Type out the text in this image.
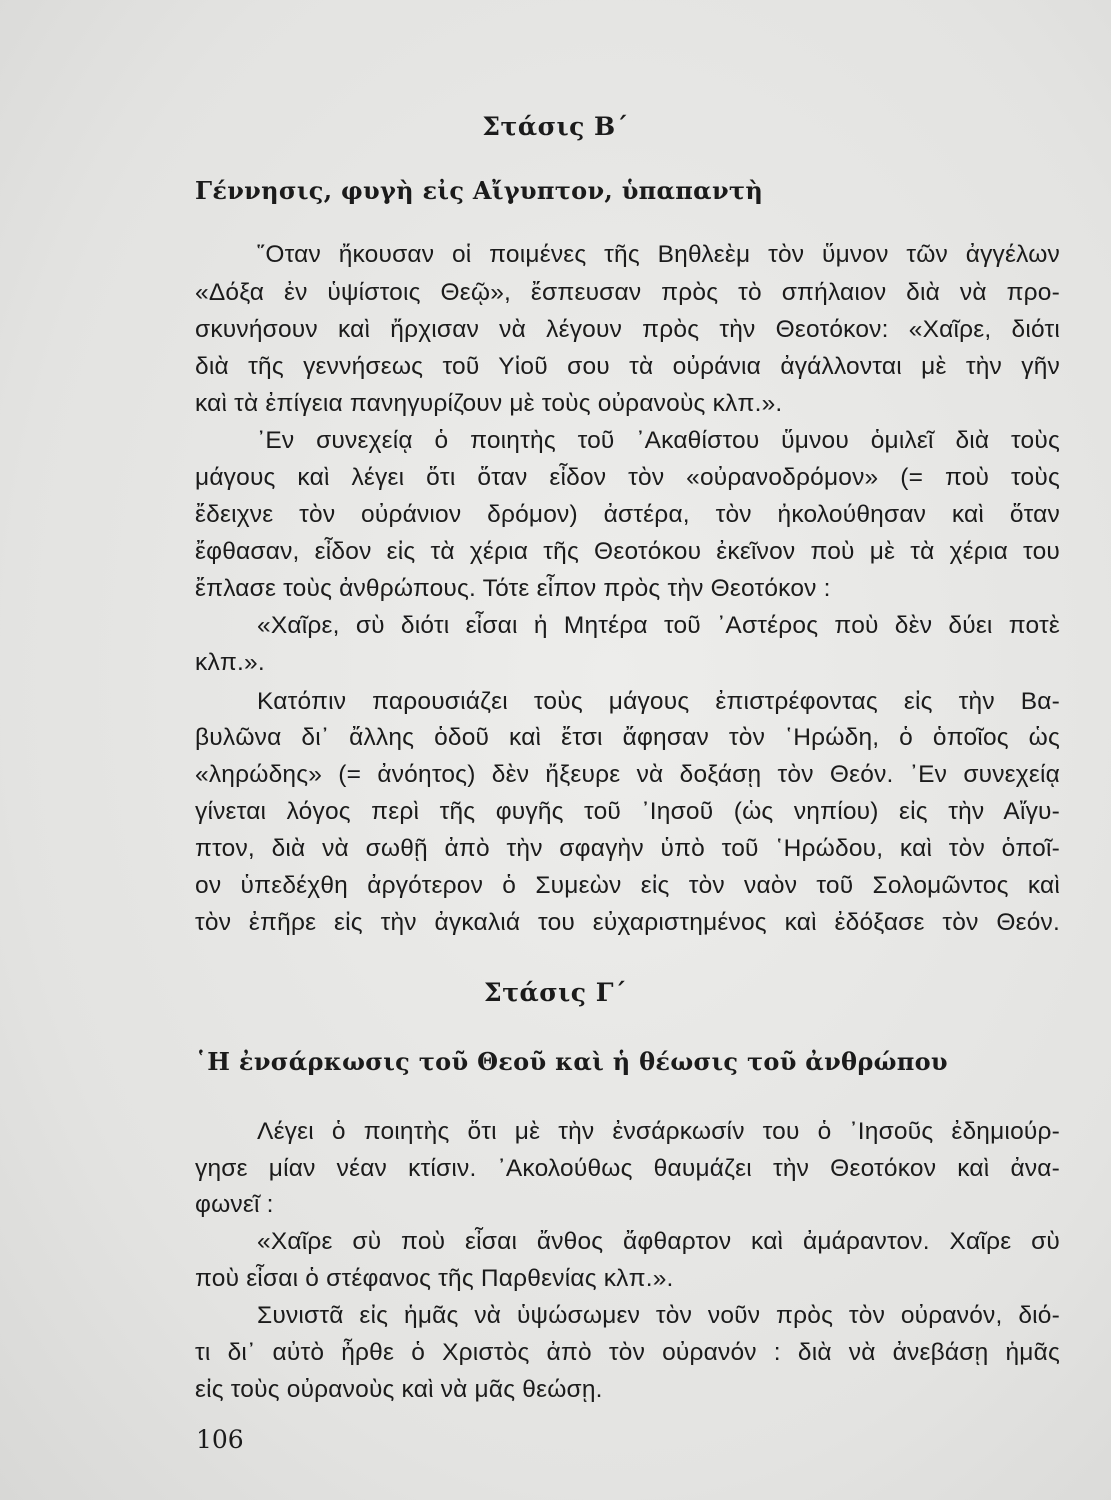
Στάσις Β΄
Γέννησις, φυγὴ εἰς Αἴγυπτον, ὑπαπαντὴ
῞Οταν ἤκουσαν οἱ ποιμένες τῆς Βηθλεὲμ τὸν ὕμνον τῶν ἀγγέλων
«Δόξα ἐν ὑψίστοις Θεῷ», ἔσπευσαν πρὸς τὸ σπήλαιον διὰ νὰ προ-
σκυνήσουν καὶ ἤρχισαν νὰ λέγουν πρὸς τὴν Θεοτόκον: «Χαῖρε, διότι
διὰ τῆς γεννήσεως τοῦ Υἱοῦ σου τὰ οὐράνια ἀγάλλονται μὲ τὴν γῆν
καὶ τὰ ἐπίγεια πανηγυρίζουν μὲ τοὺς οὐρανοὺς κλπ.».
᾿Εν συνεχείᾳ ὁ ποιητὴς τοῦ ᾿Ακαθίστου ὕμνου ὁμιλεῖ διὰ τοὺς
μάγους καὶ λέγει ὅτι ὅταν εἶδον τὸν «οὐρανοδρόμον» (= ποὺ τοὺς
ἔδειχνε τὸν οὐράνιον δρόμον) ἀστέρα, τὸν ἠκολούθησαν καὶ ὅταν
ἔφθασαν, εἶδον εἰς τὰ χέρια τῆς Θεοτόκου ἐκεῖνον ποὺ μὲ τὰ χέρια του
ἔπλασε τοὺς ἀνθρώπους. Τότε εἶπον πρὸς τὴν Θεοτόκον :
«Χαῖρε, σὺ διότι εἶσαι ἡ Μητέρα τοῦ ᾿Αστέρος ποὺ δὲν δύει ποτὲ
κλπ.».
Κατόπιν παρουσιάζει τοὺς μάγους ἐπιστρέφοντας εἰς τὴν Βα-
βυλῶνα δι᾿ ἄλλης ὁδοῦ καὶ ἔτσι ἄφησαν τὸν ῾Ηρώδη, ὁ ὁποῖος ὡς
«ληρώδης» (= ἀνόητος) δὲν ἤξευρε νὰ δοξάσῃ τὸν Θεόν. ᾿Εν συνεχείᾳ
γίνεται λόγος περὶ τῆς φυγῆς τοῦ ᾿Ιησοῦ (ὡς νηπίου) εἰς τὴν Αἴγυ-
πτον, διὰ νὰ σωθῇ ἀπὸ τὴν σφαγὴν ὑπὸ τοῦ ῾Ηρώδου, καὶ τὸν ὁποῖ-
ον ὑπεδέχθη ἀργότερον ὁ Συμεὼν εἰς τὸν ναὸν τοῦ Σολομῶντος καὶ
τὸν ἐπῆρε εἰς τὴν ἀγκαλιά του εὐχαριστημένος καὶ ἐδόξασε τὸν Θεόν.
Στάσις Γ΄
῾Η ἐνσάρκωσις τοῦ Θεοῦ καὶ ἡ θέωσις τοῦ ἀνθρώπου
Λέγει ὁ ποιητὴς ὅτι μὲ τὴν ἐνσάρκωσίν του ὁ ᾿Ιησοῦς ἐδημιούρ-
γησε μίαν νέαν κτίσιν. ᾿Ακολούθως θαυμάζει τὴν Θεοτόκον καὶ ἀνα-
φωνεῖ :
«Χαῖρε σὺ ποὺ εἶσαι ἄνθος ἄφθαρτον καὶ ἀμάραντον. Χαῖρε σὺ
ποὺ εἶσαι ὁ στέφανος τῆς Παρθενίας κλπ.».
Συνιστᾶ εἰς ἡμᾶς νὰ ὑψώσωμεν τὸν νοῦν πρὸς τὸν οὐρανόν, διό-
τι δι᾿ αὐτὸ ἦρθε ὁ Χριστὸς ἀπὸ τὸν οὐρανόν : διὰ νὰ ἀνεβάσῃ ἡμᾶς
εἰς τοὺς οὐρανοὺς καὶ νὰ μᾶς θεώσῃ.
106
